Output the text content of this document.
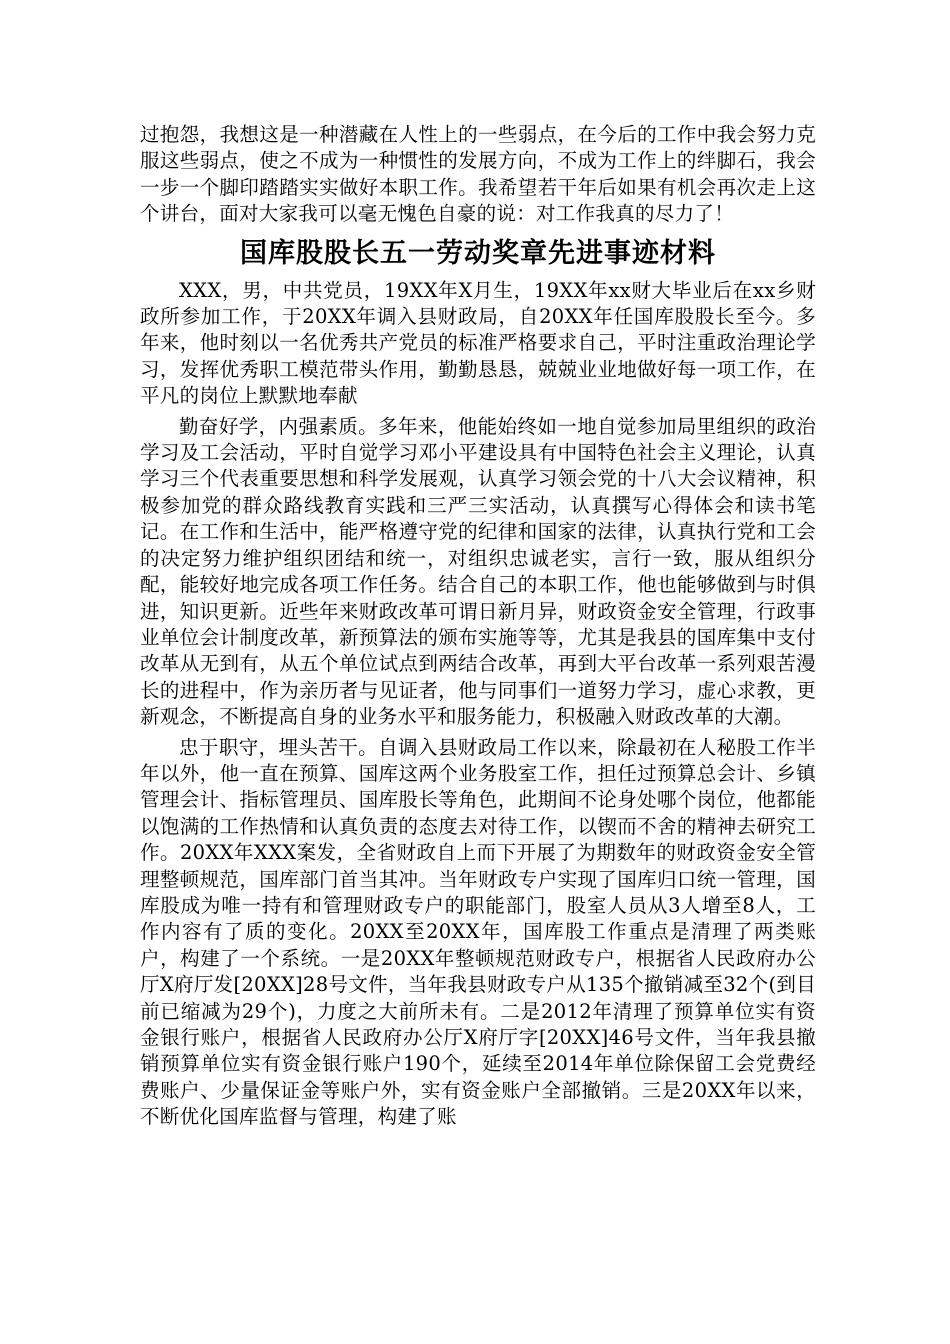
过抱怨，我想这是一种潜藏在人性上的一些弱点，在今后的工作中我会努力克服这些弱点，使之不成为一种惯性的发展方向，不成为工作上的绊脚石，我会一步一个脚印踏踏实实做好本职工作。我希望若干年后如果有机会再次走上这个讲台，面对大家我可以毫无愧色自豪的说：对工作我真的尽力了！

国库股股长五一劳动奖章先进事迹材料

XXX，男，中共党员，19XX年X月生，19XX年xx财大毕业后在xx乡财政所参加工作，于20XX年调入县财政局，自20XX年任国库股股长至今。多年来，他时刻以一名优秀共产党员的标准严格要求自己，平时注重政治理论学习，发挥优秀职工模范带头作用，勤勤恳恳，兢兢业业地做好每一项工作，在平凡的岗位上默默地奉献

勤奋好学，内强素质。多年来，他能始终如一地自觉参加局里组织的政治学习及工会活动，平时自觉学习邓小平建设具有中国特色社会主义理论，认真学习三个代表重要思想和科学发展观，认真学习领会党的十八大会议精神，积极参加党的群众路线教育实践和三严三实活动，认真撰写心得体会和读书笔记。在工作和生活中，能严格遵守党的纪律和国家的法律，认真执行党和工会的决定努力维护组织团结和统一，对组织忠诚老实，言行一致，服从组织分配，能较好地完成各项工作任务。结合自己的本职工作，他也能够做到与时俱进，知识更新。近些年来财政改革可谓日新月异，财政资金安全管理，行政事业单位会计制度改革，新预算法的颁布实施等等，尤其是我县的国库集中支付改革从无到有，从五个单位试点到两结合改革，再到大平台改革一系列艰苦漫长的进程中，作为亲历者与见证者，他与同事们一道努力学习，虚心求教，更新观念，不断提高自身的业务水平和服务能力，积极融入财政改革的大潮。

忠于职守，埋头苦干。自调入县财政局工作以来，除最初在人秘股工作半年以外，他一直在预算、国库这两个业务股室工作，担任过预算总会计、乡镇管理会计、指标管理员、国库股长等角色，此期间不论身处哪个岗位，他都能以饱满的工作热情和认真负责的态度去对待工作，以锲而不舍的精神去研究工作。20XX年XXX案发，全省财政自上而下开展了为期数年的财政资金安全管理整顿规范，国库部门首当其冲。当年财政专户实现了国库归口统一管理，国库股成为唯一持有和管理财政专户的职能部门，股室人员从3人增至8人，工作内容有了质的变化。20XX至20XX年，国库股工作重点是清理了两类账户，构建了一个系统。一是20XX年整顿规范财政专户，根据省人民政府办公厅X府厅发[20XX]28号文件，当年我县财政专户从135个撤销减至32个(到目前已缩减为29个)，力度之大前所未有。二是2012年清理了预算单位实有资金银行账户，根据省人民政府办公厅X府厅字[20XX]46号文件，当年我县撤销预算单位实有资金银行账户190个，延续至2014年单位除保留工会党费经费账户、少量保证金等账户外，实有资金账户全部撤销。三是20XX年以来，不断优化国库监督与管理，构建了账
